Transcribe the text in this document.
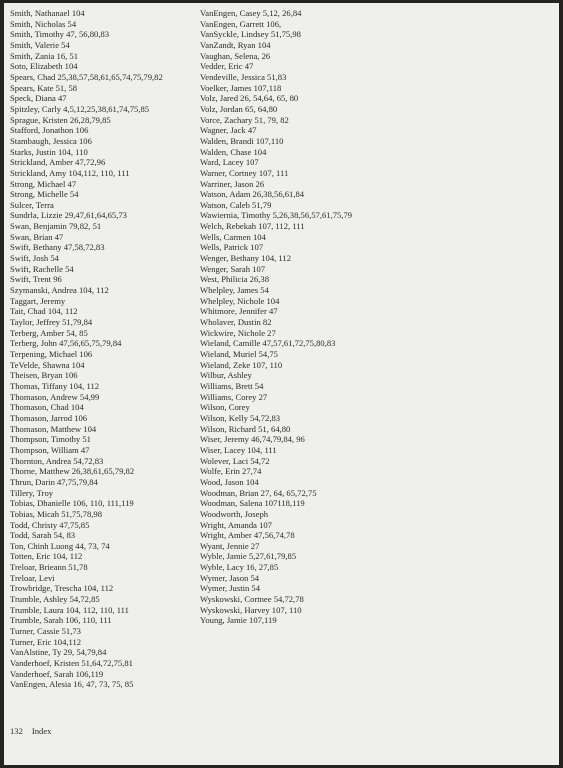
Smith, Nathanael 104
Smith, Nicholas 54
Smith, Timothy 47, 56,80,83
Smith, Valerie 54
Smith, Zania 16, 51
Soto, Elizabeth 104
Spears, Chad 25,38,57,58,61,65,74,75,79,82
Spears, Kate 51, 58
Speck, Diana 47
Spitzley, Carly 4,5,12,25,38,61,74,75,85
Sprague, Kristen 26,28,79,85
Stafford, Jonathon 106
Stambaugh, Jessica 106
Starks, Justin 104, 110
Strickland, Amber 47,72,96
Strickland, Amy 104,112, 110, 111
Strong, Michael 47
Strong, Michelle 54
Sulcer, Terra
Sundrla, Lizzie 29,47,61,64,65,73
Swan, Benjamin 79,82, 51
Swan, Brian 47
Swift, Bethany 47,58,72,83
Swift, Josh 54
Swift, Rachelle 54
Swift, Trent 96
Szymanski, Andrea 104, 112
Taggart, Jeremy
Tait, Chad 104, 112
Taylor, Jeffrey 51,79,84
Terberg, Amber 54, 85
Terberg, John 47,56,65,75,79,84
Terpening, Michael 106
TeVelde, Shawna 104
Theisen, Bryan 106
Thomas, Tiffany 104, 112
Thomason, Andrew 54,99
Thomason, Chad 104
Thomason, Jarrod 106
Thomason, Matthew 104
Thompson, Timothy 51
Thompson, William 47
Thornton, Andrea 54,72,83
Thorne, Matthew 26,38,61,65,79,82
Thrun, Darin 47,75,79,84
Tillery, Troy
Tobias, Dhanielle 106, 110, 111,119
Tobias, Micah 51,75,78,98
Todd, Christy 47,75,85
Todd, Sarah 54, 83
Ton, Chinh Luong 44, 73, 74
Totten, Eric 104, 112
Treloar, Brieann 51,78
Treloar, Levi
Trowbridge, Trescha 104, 112
Trumble, Ashley 54,72,85
Trumble, Laura 104, 112, 110, 111
Trumble, Sarah 106, 110, 111
Turner, Cassie 51,73
Turner, Eric 104,112
VanAlstine, Ty 29, 54,79,84
Vanderhoef, Kristen 51,64,72,75,81
Vanderhoef, Sarah 106,119
VanEngen, Alesia 16, 47, 73, 75, 85
VanEngen, Casey 5,12, 26,84
VanEngen, Garrett 106,
VanSyckle, Lindsey 51,75,98
VanZandt, Ryan 104
Vaughan, Selena, 26
Vedder, Eric 47
Vendeville, Jessica 51,83
Voelker, James 107,118
Volz, Jared 26, 54,64, 65, 80
Volz, Jordan 65, 64,80
Vorce, Zachary 51, 79, 82
Wagner, Jack 47
Walden, Brandi 107,110
Walden, Chase 104
Ward, Lacey 107
Warner, Cortney 107, 111
Warriner, Jason 26
Watson, Adam 26,38,56,61,84
Watson, Caleb 51,79
Wawiernia, Timothy 5,26,38,56,57,61,75,79
Welch, Rebekah 107, 112, 111
Wells, Carmen 104
Wells, Patrick 107
Wenger, Bethany 104, 112
Wenger, Sarah 107
West, Philicia 26,38
Whelpley, James 54
Whelpley, Nichole 104
Whitmore, Jennifer 47
Wholaver, Dustin 82
Wickwire, Nichole 27
Wieland, Camille 47,57,61,72,75,80,83
Wieland, Muriel 54,75
Wieland, Zeke 107, 110
Wilbur, Ashley
Williams, Brett 54
Williams, Corey 27
Wilson, Corey
Wilson, Kelly 54,72,83
Wilson, Richard 51, 64,80
Wiser, Jeremy 46,74,79,84, 96
Wiser, Lacey 104, 111
Wolever, Laci 54,72
Wolfe, Erin 27,74
Wood, Jason 104
Woodman, Brian 27, 64, 65,72,75
Woodman, Salena 107118,119
Woodworth, Joseph
Wright, Amanda 107
Wright, Amber 47,56,74,78
Wyant, Jennie 27
Wyble, Jamie 5,27,61,79,85
Wyble, Lacy 16, 27,85
Wymer, Jason 54
Wymer, Justin 54
Wyskowski, Cortnee 54,72,78
Wyskowski, Harvey 107, 110
Young, Jamie 107,119
132 Index
